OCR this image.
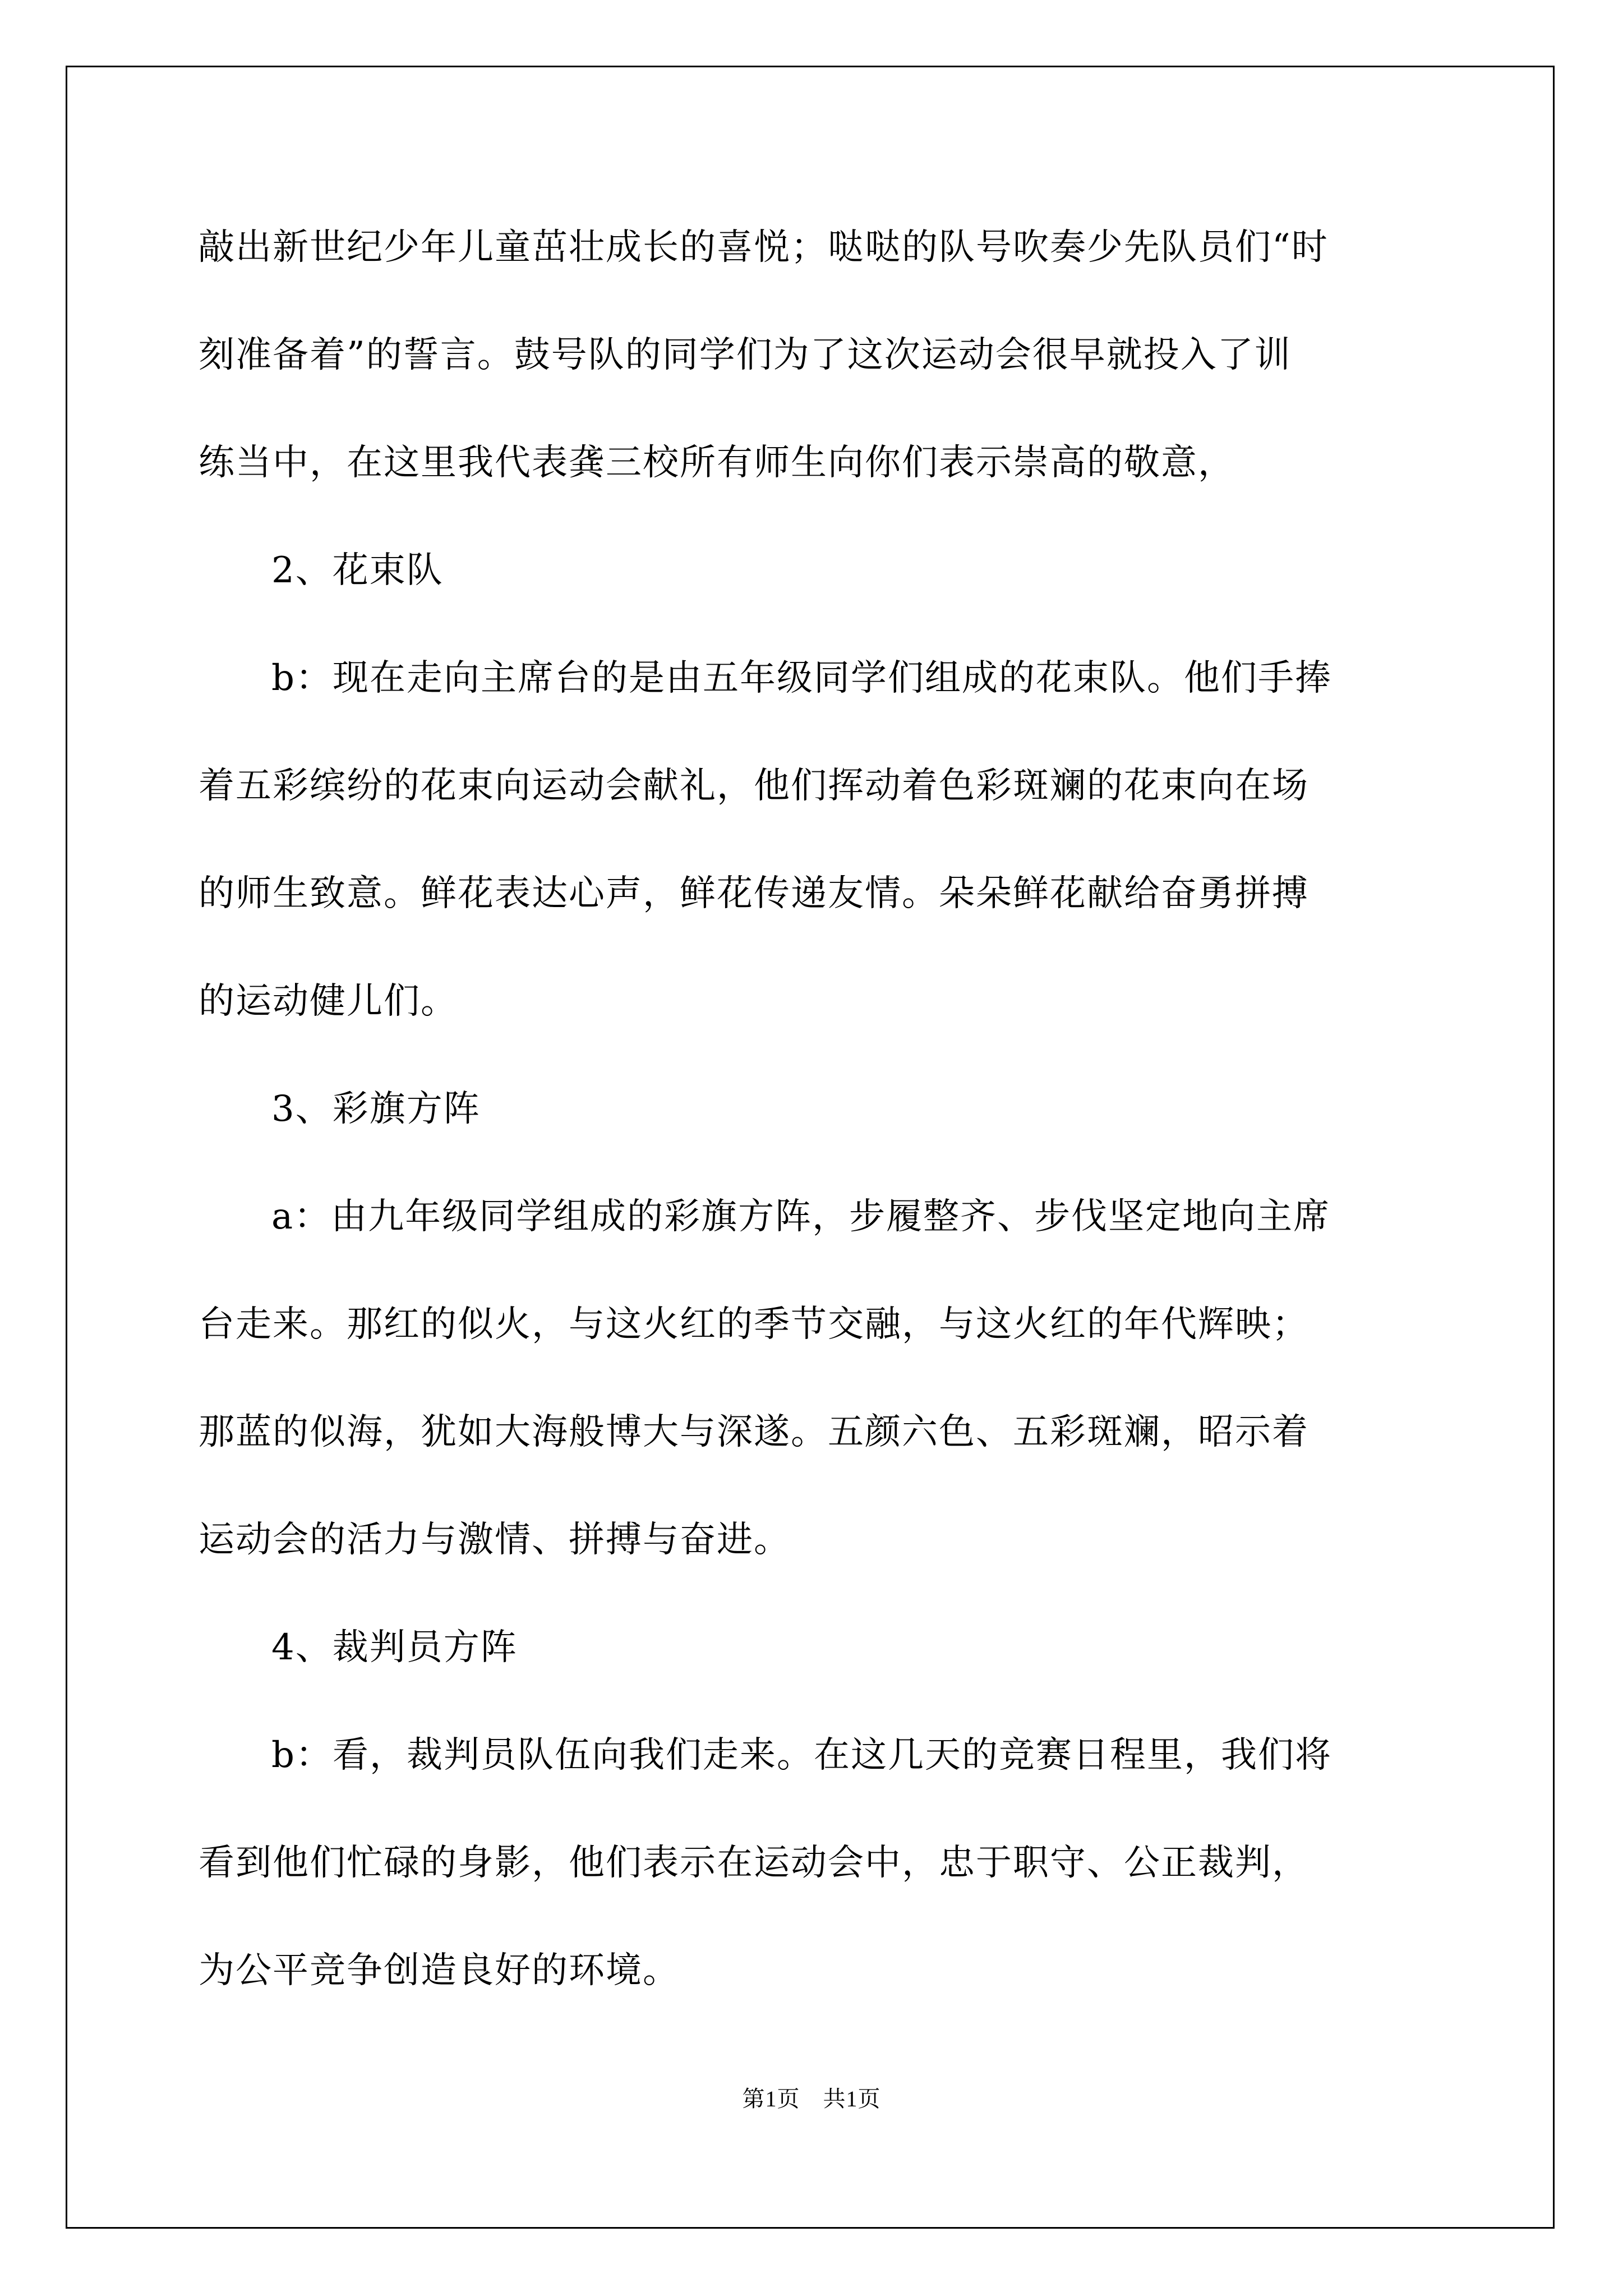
敲出新世纪少年儿童茁壮成长的喜悦；哒哒的队号吹奏少先队员们“时
刻准备着”的誓言。鼓号队的同学们为了这次运动会很早就投入了训
练当中，在这里我代表龚三校所有师生向你们表示崇高的敬意，
2、花束队
b：现在走向主席台的是由五年级同学们组成的花束队。他们手捧
着五彩缤纷的花束向运动会献礼，他们挥动着色彩斑斓的花束向在场
的师生致意。鲜花表达心声，鲜花传递友情。朵朵鲜花献给奋勇拼搏
的运动健儿们。
3、彩旗方阵
a：由九年级同学组成的彩旗方阵，步履整齐、步伐坚定地向主席
台走来。那红的似火，与这火红的季节交融，与这火红的年代辉映；
那蓝的似海，犹如大海般博大与深遂。五颜六色、五彩斑斓，昭示着
运动会的活力与激情、拼搏与奋进。
4、裁判员方阵
b：看，裁判员队伍向我们走来。在这几天的竞赛日程里，我们将
看到他们忙碌的身影，他们表示在运动会中，忠于职守、公正裁判，
为公平竞争创造良好的环境。
第1页　共1页
